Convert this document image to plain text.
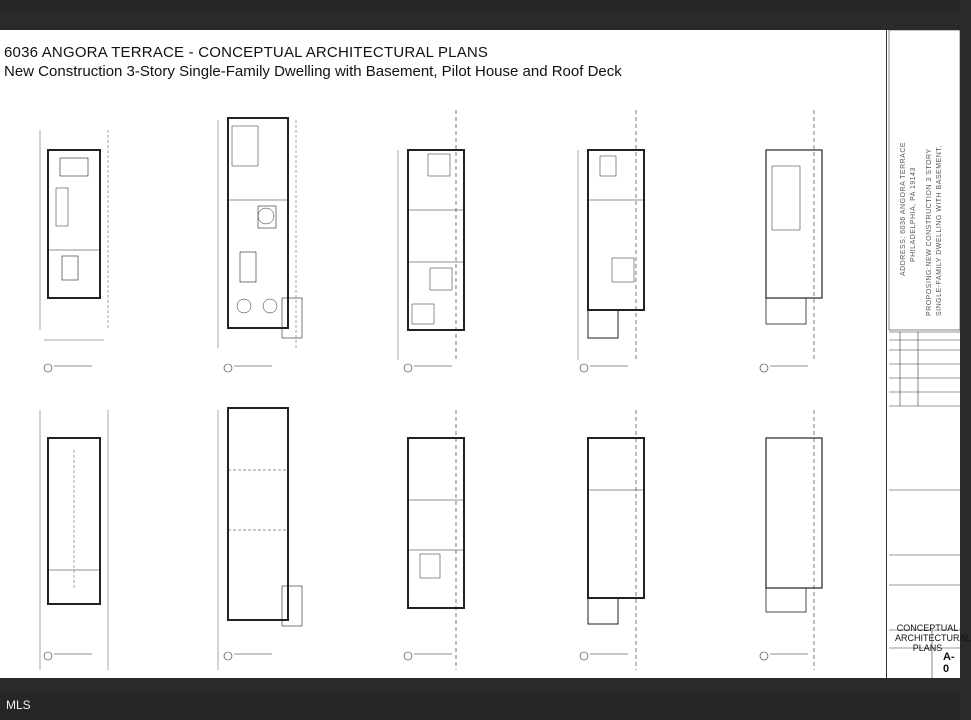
6036 ANGORA TERRACE - CONCEPTUAL ARCHITECTURAL PLANS
New Construction 3-Story Single-Family Dwelling with Basement, Pilot House and Roof Deck
ADDRESS: 6036 ANGORA TERRACE PHILADELPHIA, PA 19143 PROPOSING:NEW CONSTRUCTION 3 STORY SINGLE-FAMILY DWELLING WITH BASEMENT,
CONCEPTUAL ARCHITECTURAL PLANS
A-0
MLS
